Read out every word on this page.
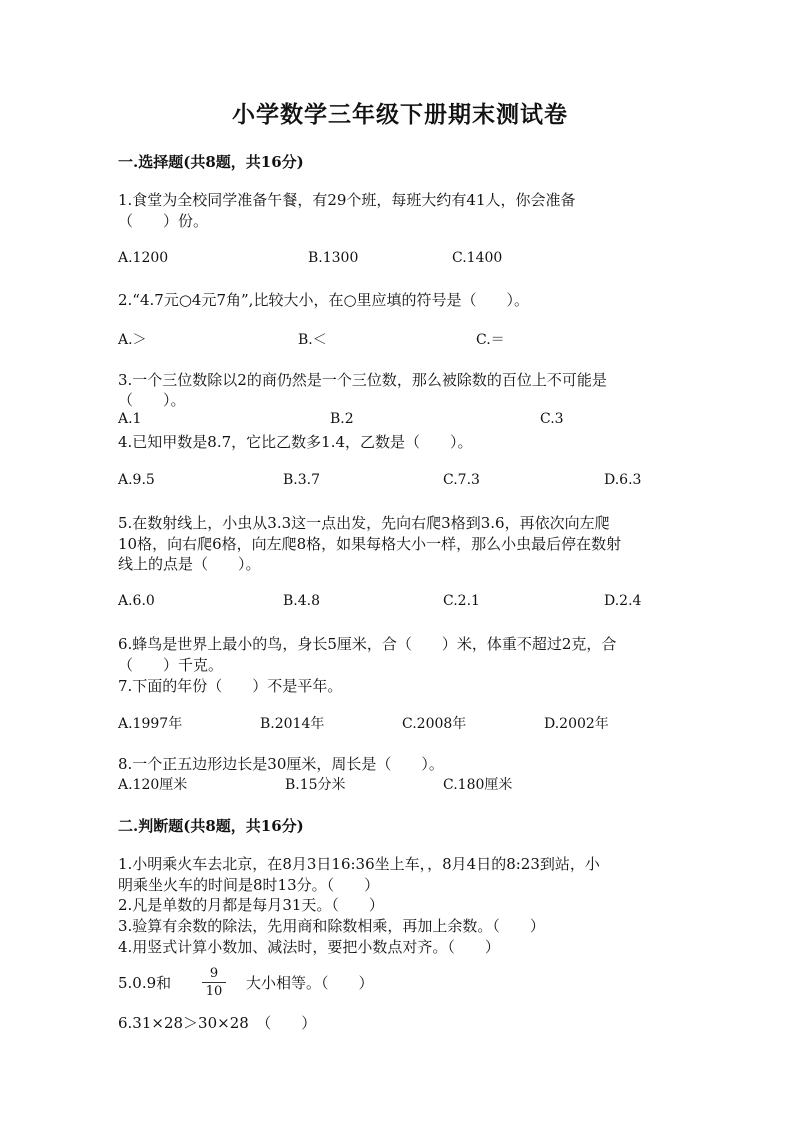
小学数学三年级下册期末测试卷
一.选择题(共8题，共16分)
1.食堂为全校同学准备午餐，有29个班，每班大约有41人，你会准备
（　　）份。
A.1200	B.1300	C.1400
2.“4.7元○4元7角”,比较大小，在○里应填的符号是（　　）。
A.＞	B.＜	C.＝
3.一个三位数除以2的商仍然是一个三位数，那么被除数的百位上不可能是
（　　）。
A.1	B.2	C.3
4.已知甲数是8.7，它比乙数多1.4，乙数是（　　）。
A.9.5	B.3.7	C.7.3	D.6.3
5.在数射线上，小虫从3.3这一点出发，先向右爬3格到3.6，再依次向左爬
10格，向右爬6格，向左爬8格，如果每格大小一样，那么小虫最后停在数射
线上的点是（　　）。
A.6.0	B.4.8	C.2.1	D.2.4
6.蜂鸟是世界上最小的鸟，身长5厘米，合（　　）米，体重不超过2克，合
（　　）千克。
7.下面的年份（　　）不是平年。
A.1997年	B.2014年	C.2008年	D.2002年
8.一个正五边形边长是30厘米，周长是（　　）。
A.120厘米	B.15分米	C.180厘米
二.判断题(共8题，共16分)
1.小明乘火车去北京，在8月3日16:36坐上车，，8月4日的8:23到站，小
明乘坐火车的时间是8时13分。（　　）
2.凡是单数的月都是每月31天。（　　）
3.验算有余数的除法，先用商和除数相乘，再加上余数。（　　）
4.用竖式计算小数加、减法时，要把小数点对齐。（　　）
5.0.9和
9
10 大小相等。（　　）
6.31×28＞30×28　（　　）
